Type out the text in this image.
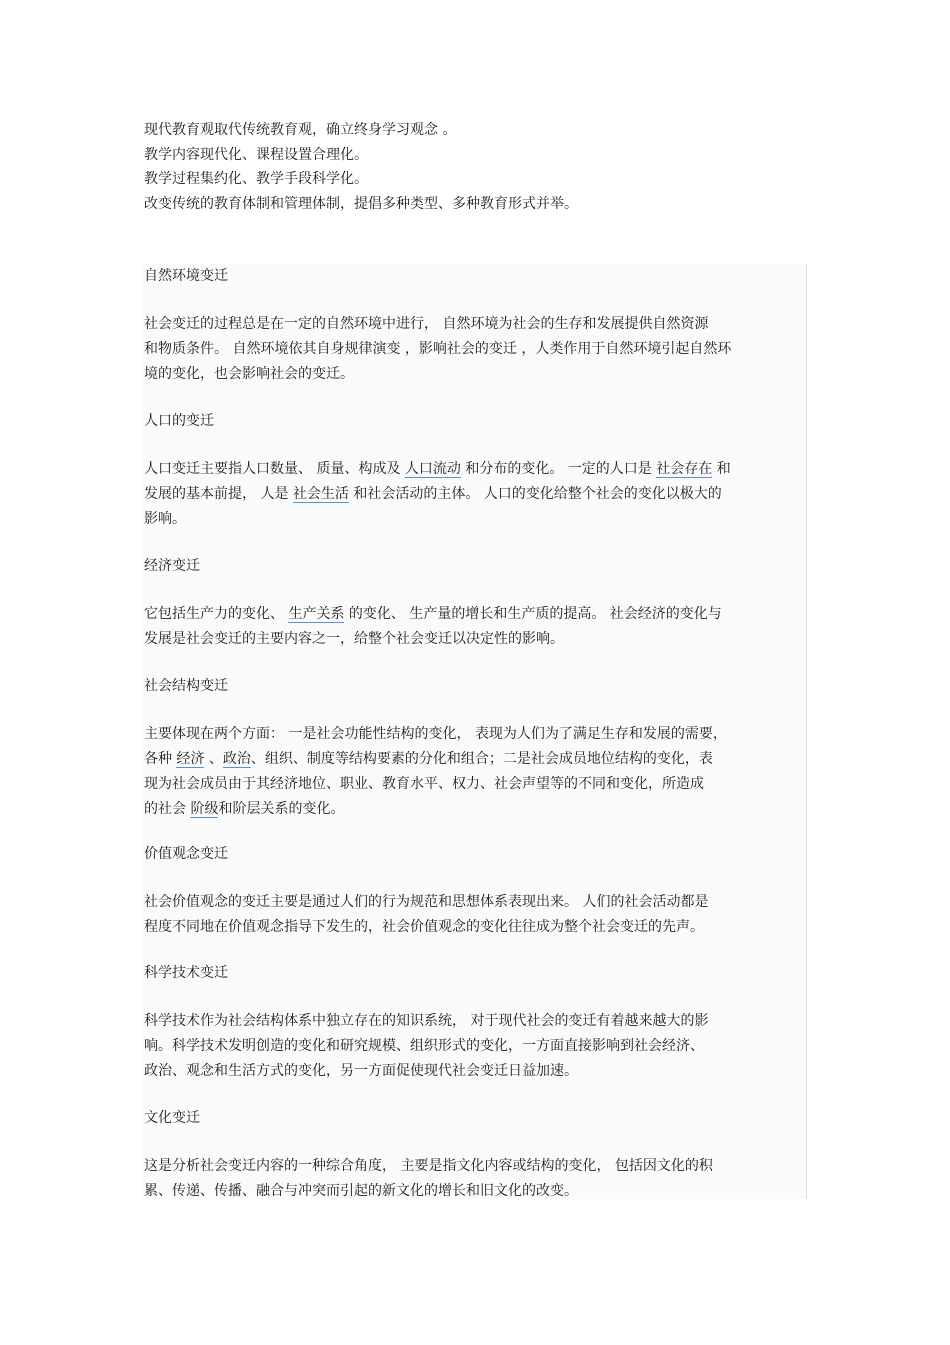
现代教育观取代传统教育观，确立终身学习观念 。

教学内容现代化、课程设置合理化。

教学过程集约化、教学手段科学化。

改变传统的教育体制和管理体制，提倡多种类型、多种教育形式并举。

自然环境变迁

社会变迁的过程总是在一定的自然环境中进行， 自然环境为社会的生存和发展提供自然资源

和物质条件。 自然环境依其自身规律演变 ，影响社会的变迁 ，人类作用于自然环境引起自然环

境的变化，也会影响社会的变迁。

人口的变迁

人口变迁主要指人口数量、 质量、构成及 人口流动 和分布的变化。 一定的人口是 社会存在 和

发展的基本前提， 人是 社会生活 和社会活动的主体。 人口的变化给整个社会的变化以极大的

影响。

经济变迁

它包括生产力的变化、 生产关系 的变化、 生产量的增长和生产质的提高。 社会经济的变化与

发展是社会变迁的主要内容之一，给整个社会变迁以决定性的影响。

社会结构变迁

主要体现在两个方面： 一是社会功能性结构的变化， 表现为人们为了满足生存和发展的需要，

各种 经济 、政治、组织、制度等结构要素的分化和组合；二是社会成员地位结构的变化，表

现为社会成员由于其经济地位、职业、教育水平、权力、社会声望等的不同和变化，所造成

的社会 阶级和阶层关系的变化。

价值观念变迁

社会价值观念的变迁主要是通过人们的行为规范和思想体系表现出来。 人们的社会活动都是

程度不同地在价值观念指导下发生的，社会价值观念的变化往往成为整个社会变迁的先声。

科学技术变迁

科学技术作为社会结构体系中独立存在的知识系统， 对于现代社会的变迁有着越来越大的影

响。科学技术发明创造的变化和研究规模、组织形式的变化，一方面直接影响到社会经济、

政治、观念和生活方式的变化，另一方面促使现代社会变迁日益加速。

文化变迁

这是分析社会变迁内容的一种综合角度， 主要是指文化内容或结构的变化， 包括因文化的积

累、传递、传播、融合与冲突而引起的新文化的增长和旧文化的改变。
